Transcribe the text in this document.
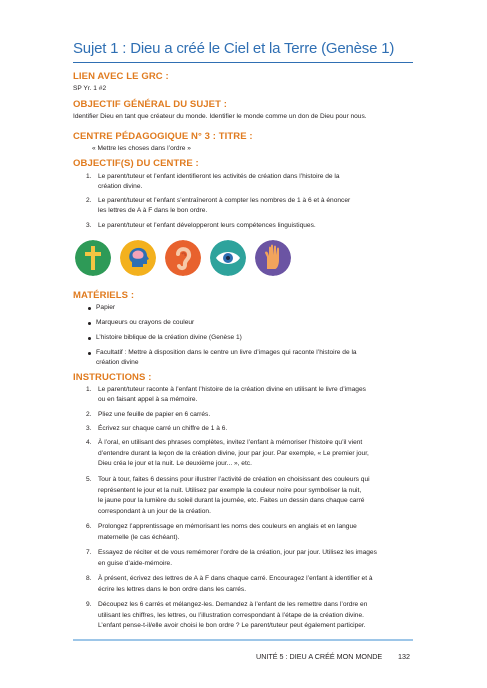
Sujet 1 : Dieu a créé le Ciel et la Terre (Genèse 1)
LIEN AVEC LE GRC :
SP Yr. 1 #2
OBJECTIF GÉNÉRAL DU SUJET :
Identifier Dieu en tant que créateur du monde. Identifier le monde comme un don de Dieu pour nous.
CENTRE PÉDAGOGIQUE N° 3 : TITRE :
« Mettre les choses dans l’ordre »
OBJECTIF(S) DU CENTRE :
1. Le parent/tuteur et l’enfant identifieront les activités de création dans l’histoire de la
création divine.
2. Le parent/tuteur et l’enfant s’entraîneront à compter les nombres de 1 à 6 et à énoncer
les lettres de A à F dans le bon ordre.
3. Le parent/tuteur et l’enfant développeront leurs compétences linguistiques.
MATÉRIELS :
Papier
Marqueurs ou crayons de couleur
L’histoire biblique de la création divine (Genèse 1)
Facultatif : Mettre à disposition dans le centre un livre d’images qui raconte l’histoire de la
création divine
INSTRUCTIONS :
1. Le parent/tuteur raconte à l’enfant l’histoire de la création divine en utilisant le livre d’images
ou en faisant appel à sa mémoire.
2. Pliez une feuille de papier en 6 carrés.
3. Écrivez sur chaque carré un chiffre de 1 à 6.
4. À l’oral, en utilisant des phrases complètes, invitez l’enfant à mémoriser l’histoire qu’il vient
d’entendre durant la leçon de la création divine, jour par jour. Par exemple, « Le premier jour,
Dieu créa le jour et la nuit. Le deuxième jour... », etc.
5. Tour à tour, faites 6 dessins pour illustrer l’activité de création en choisissant des couleurs qui
représentent le jour et la nuit. Utilisez par exemple la couleur noire pour symboliser la nuit,
le jaune pour la lumière du soleil durant la journée, etc. Faites un dessin dans chaque carré
correspondant à un jour de la création.
6. Prolongez l’apprentissage en mémorisant les noms des couleurs en anglais et en langue
maternelle (le cas échéant).
7. Essayez de réciter et de vous remémorer l’ordre de la création, jour par jour. Utilisez les images
en guise d’aide-mémoire.
8. À présent, écrivez des lettres de A à F dans chaque carré. Encouragez l’enfant à identifier et à
écrire les lettres dans le bon ordre dans les carrés.
9. Découpez les 6 carrés et mélangez-les. Demandez à l’enfant de les remettre dans l’ordre en
utilisant les chiffres, les lettres, ou l’illustration correspondant à l’étape de la création divine.
L’enfant pense-t-il/elle avoir choisi le bon ordre ? Le parent/tuteur peut également participer.
UNITÉ 5 : DIEU A CRÉÉ MON MONDE 132
